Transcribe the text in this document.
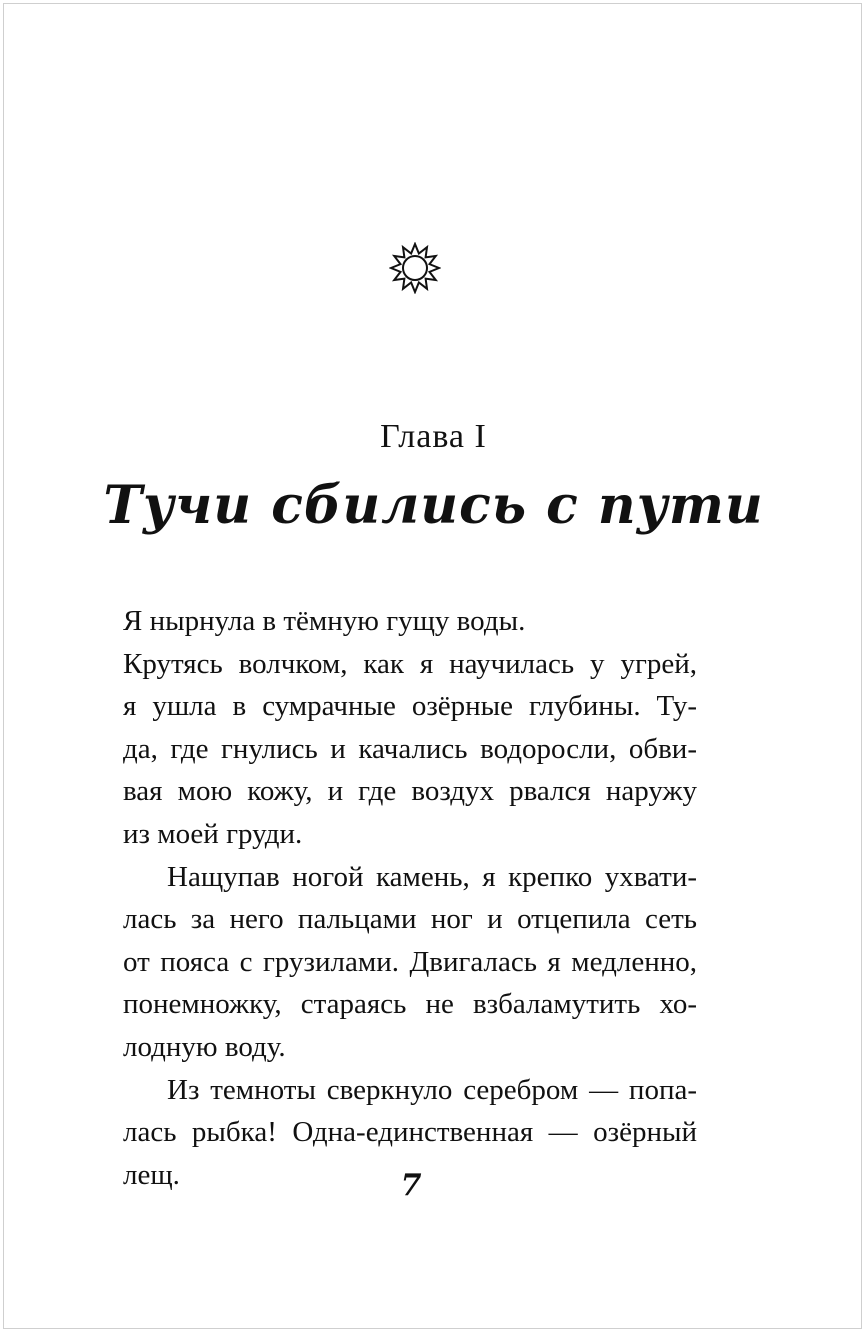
Глава I
Тучи сбились с пути
Я нырнула в тёмную гущу воды.
Крутясь волчком, как я научилась у угрей,
я ушла в сумрачные озёрные глубины. Ту-
да, где гнулись и качались водоросли, обви-
вая мою кожу, и где воздух рвался наружу
из моей груди.
Нащупав ногой камень, я крепко ухвати-
лась за него пальцами ног и отцепила сеть
от пояса с грузилами. Двигалась я медленно,
понемножку, стараясь не взбаламутить хо-
лодную воду.
Из темноты сверкнуло серебром — попа-
лась рыбка! Одна-единственная — озёрный
лещ.	7
